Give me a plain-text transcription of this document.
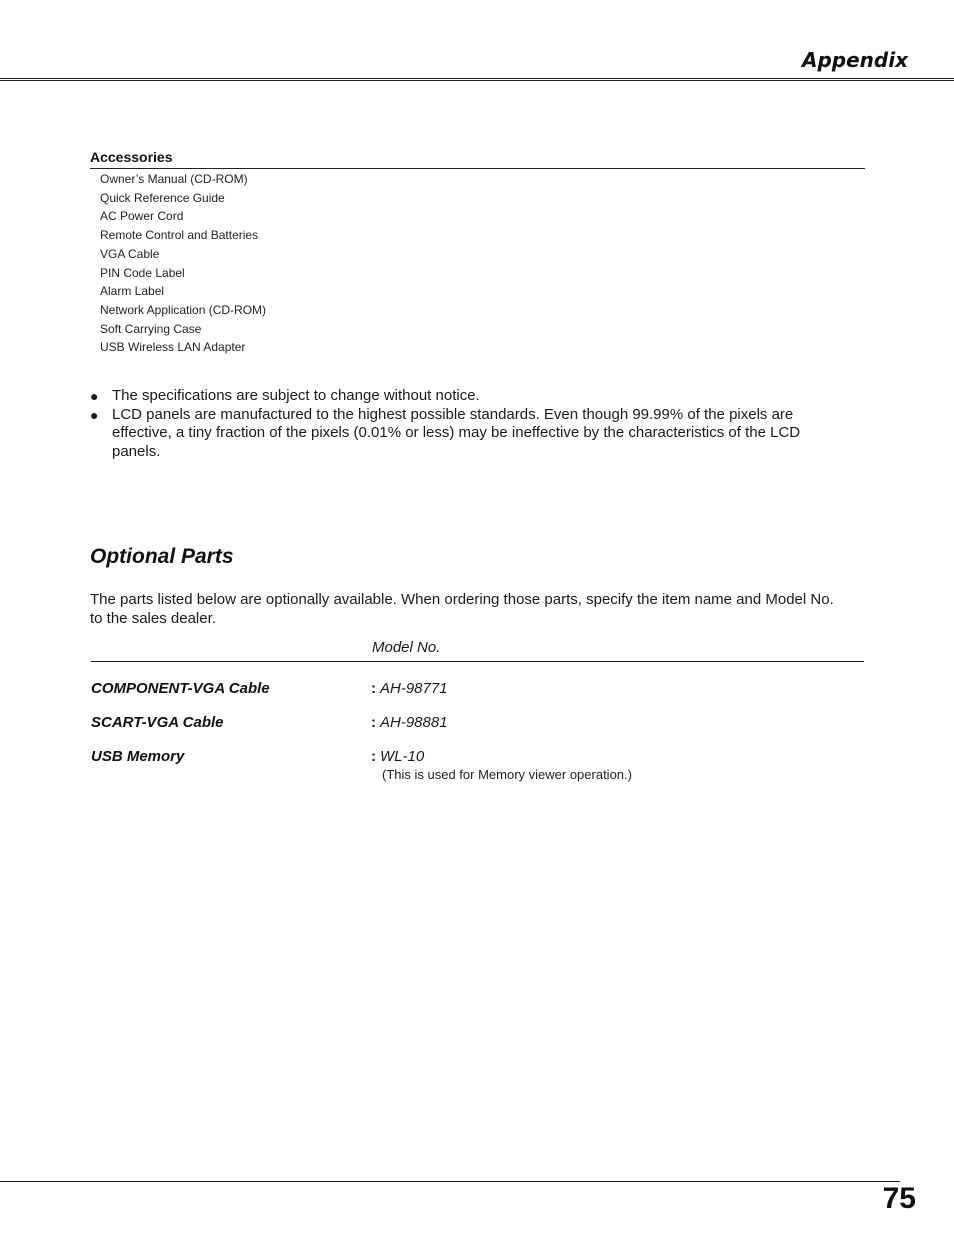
Appendix
Accessories
Owner’s Manual (CD-ROM)
Quick Reference Guide
AC Power Cord
Remote Control and Batteries
VGA Cable
PIN Code Label
Alarm Label
Network Application (CD-ROM)
Soft Carrying Case
USB Wireless LAN Adapter
● The specifications are subject to change without notice.
● LCD panels are manufactured to the highest possible standards. Even though 99.99% of the pixels are effective, a tiny fraction of the pixels (0.01% or less) may be ineffective by the characteristics of the LCD panels.
Optional Parts
The parts listed below are optionally available. When ordering those parts, specify the item name and Model No. to the sales dealer.
Model No.
COMPONENT-VGA Cable	: AH-98771
SCART-VGA Cable	: AH-98881
USB Memory	: WL-10
(This is used for Memory viewer operation.)
75
